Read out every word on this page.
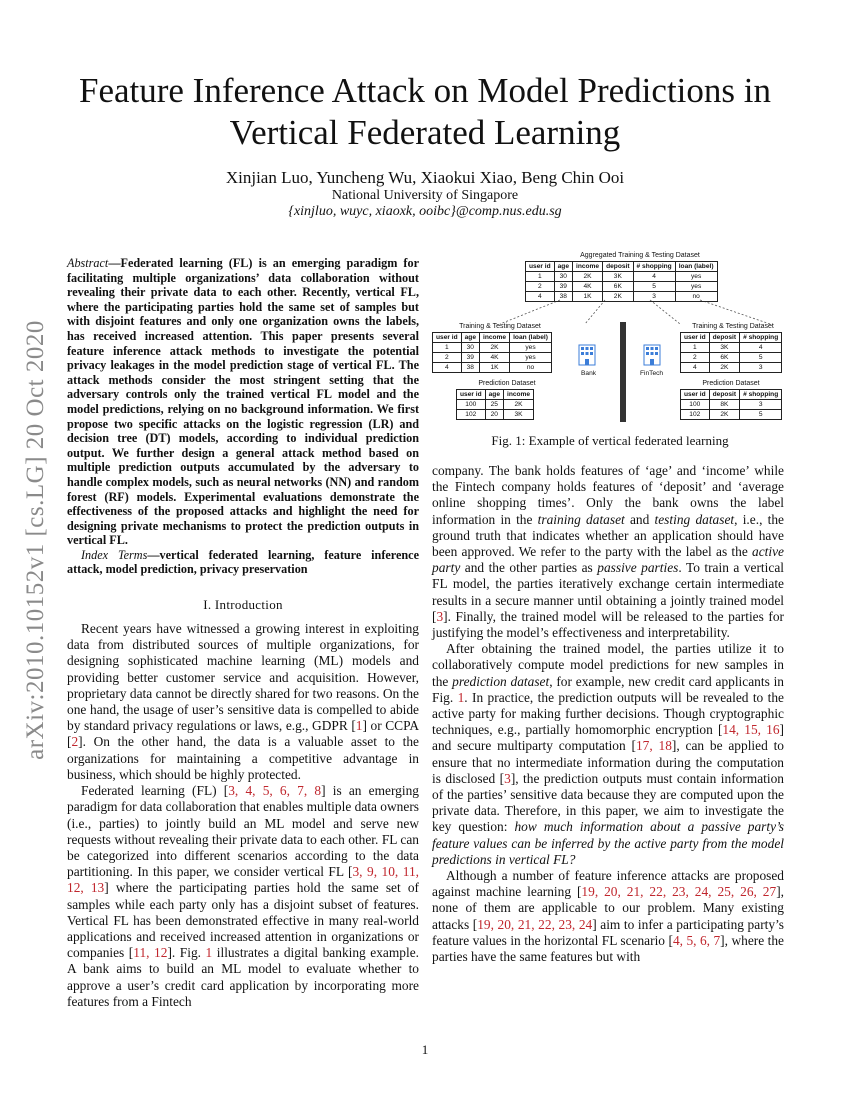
arXiv:2010.10152v1 [cs.LG] 20 Oct 2020
Feature Inference Attack on Model Predictions in
Vertical Federated Learning
Xinjian Luo, Yuncheng Wu, Xiaokui Xiao, Beng Chin Ooi
National University of Singapore
{xinjluo, wuyc, xiaoxk, ooibc}@comp.nus.edu.sg

Abstract—Federated learning (FL) is an emerging paradigm for facilitating multiple organizations’ data collaboration without revealing their private data to each other. Recently, vertical FL, where the participating parties hold the same set of samples but with disjoint features and only one organization owns the labels, has received increased attention. This paper presents several feature inference attack methods to investigate the potential privacy leakages in the model prediction stage of vertical FL. The attack methods consider the most stringent setting that the adversary controls only the trained vertical FL model and the model predictions, relying on no background information. We first propose two specific attacks on the logistic regression (LR) and decision tree (DT) models, according to individual prediction output. We further design a general attack method based on multiple prediction outputs accumulated by the adversary to handle complex models, such as neural networks (NN) and random forest (RF) models. Experimental evaluations demonstrate the effectiveness of the proposed attacks and highlight the need for designing private mechanisms to protect the prediction outputs in vertical FL.

Index Terms—vertical federated learning, feature inference attack, model prediction, privacy preservation

I. Introduction

Recent years have witnessed a growing interest in exploiting data from distributed sources of multiple organizations, for designing sophisticated machine learning (ML) models and providing better customer service and acquisition. However, proprietary data cannot be directly shared for two reasons. On the one hand, the usage of user’s sensitive data is compelled to abide by standard privacy regulations or laws, e.g., GDPR [1] or CCPA [2]. On the other hand, the data is a valuable asset to the organizations for maintaining a competitive advantage in business, which should be highly protected.

Federated learning (FL) [3, 4, 5, 6, 7, 8] is an emerging paradigm for data collaboration that enables multiple data owners (i.e., parties) to jointly build an ML model and serve new requests without revealing their private data to each other. FL can be categorized into different scenarios according to the data partitioning. In this paper, we consider vertical FL [3, 9, 10, 11, 12, 13] where the participating parties hold the same set of samples while each party only has a disjoint subset of features. Vertical FL has been demonstrated effective in many real-world applications and received increased attention in organizations or companies [11, 12]. Fig. 1 illustrates a digital banking example. A bank aims to build an ML model to evaluate whether to approve a user’s credit card application by incorporating more features from a Fintech

Aggregated Training & Testing Dataset
user id	age	income	deposit	# shopping	loan (label)
1	30	2K	3K	4	yes
2	39	4K	6K	5	yes
4	38	1K	2K	3	no
Training & Testing Dataset
user id	age	income	loan (label)
1	30	2K	yes
2	39	4K	yes
4	38	1K	no
Training & Testing Dataset
user id	deposit	# shopping
1	3K	4
2	6K	5
4	2K	3
Bank	FinTech
Prediction Dataset
user id	age	income
100	25	2K
102	20	3K
Prediction Dataset
user id	deposit	# shopping
100	8K	3
102	2K	5
Fig. 1: Example of vertical federated learning

company. The bank holds features of ‘age’ and ‘income’ while the Fintech company holds features of ‘deposit’ and ‘average online shopping times’. Only the bank owns the label information in the training dataset and testing dataset, i.e., the ground truth that indicates whether an application should have been approved. We refer to the party with the label as the active party and the other parties as passive parties. To train a vertical FL model, the parties iteratively exchange certain intermediate results in a secure manner until obtaining a jointly trained model [3]. Finally, the trained model will be released to the parties for justifying the model’s effectiveness and interpretability.

After obtaining the trained model, the parties utilize it to collaboratively compute model predictions for new samples in the prediction dataset, for example, new credit card applicants in Fig. 1. In practice, the prediction outputs will be revealed to the active party for making further decisions. Though cryptographic techniques, e.g., partially homomorphic encryption [14, 15, 16] and secure multiparty computation [17, 18], can be applied to ensure that no intermediate information during the computation is disclosed [3], the prediction outputs must contain information of the parties’ sensitive data because they are computed upon the private data. Therefore, in this paper, we aim to investigate the key question: how much information about a passive party’s feature values can be inferred by the active party from the model predictions in vertical FL?

Although a number of feature inference attacks are proposed against machine learning [19, 20, 21, 22, 23, 24, 25, 26, 27], none of them are applicable to our problem. Many existing attacks [19, 20, 21, 22, 23, 24] aim to infer a participating party’s feature values in the horizontal FL scenario [4, 5, 6, 7], where the parties have the same features but with

1
